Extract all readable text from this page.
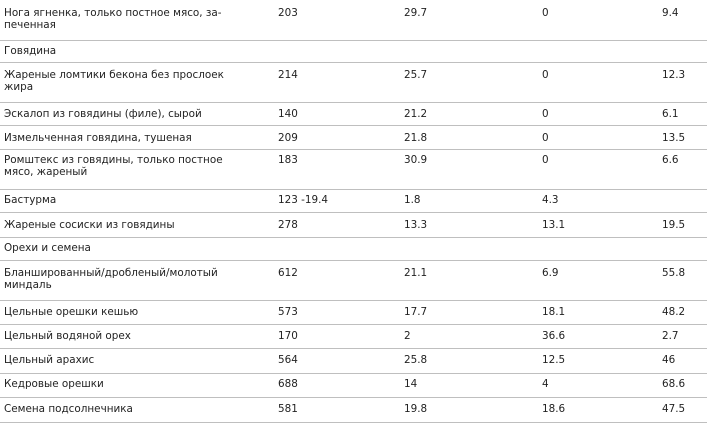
Нога ягненка, только постное мясо, за-
печенная	203	29.7	0	9.4
Говядина				
Жареные ломтики бекона без прослоек
жира	214	25.7	0	12.3
Эскалоп из говядины (филе), сырой	140	21.2	0	6.1
Измельченная говядина, тушеная	209	21.8	0	13.5
Ромштекс из говядины, только постное
мясо, жареный	183	30.9	0	6.6
Бастурма	123 -19.4	1.8	4.3	
Жареные сосиски из говядины	278	13.3	13.1	19.5
Орехи и семена				
Бланшированный/дробленый/молотый
миндаль	612	21.1	6.9	55.8
Цельные орешки кешью	573	17.7	18.1	48.2
Цельный водяной орех	170	2	36.6	2.7
Цельный арахис	564	25.8	12.5	46
Кедровые орешки	688	14	4	68.6
Семена подсолнечника	581	19.8	18.6	47.5
